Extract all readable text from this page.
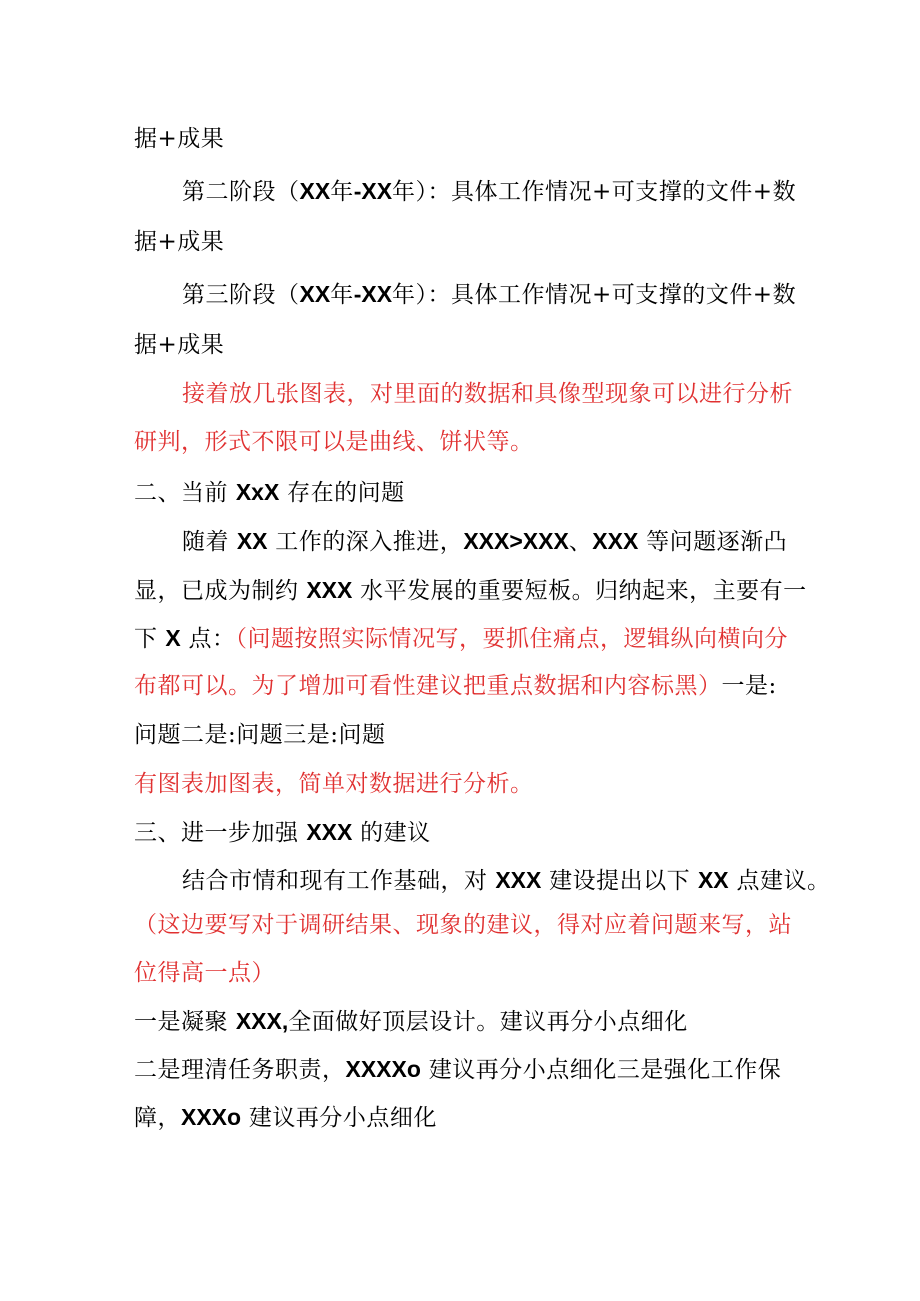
据+成果
第二阶段（XX年-XX年）：具体工作情况+可支撑的文件+数
据+成果
第三阶段（XX年-XX年）：具体工作情况+可支撑的文件+数
据+成果
接着放几张图表，对里面的数据和具像型现象可以进行分析
研判，形式不限可以是曲线、饼状等。
二、当前 XxX 存在的问题
随着 XX 工作的深入推进，XXX>XXX、XXX 等问题逐渐凸
显，已成为制约 XXX 水平发展的重要短板。归纳起来，主要有一
下 X 点：（问题按照实际情况写，要抓住痛点，逻辑纵向横向分
布都可以。为了增加可看性建议把重点数据和内容标黑）一是:
问题二是:问题三是:问题
有图表加图表，简单对数据进行分析。
三、进一步加强 XXX 的建议
结合市情和现有工作基础，对 XXX 建设提出以下 XX 点建议。
（这边要写对于调研结果、现象的建议，得对应着问题来写，站
位得高一点）
一是凝聚 XXX,全面做好顶层设计。建议再分小点细化
二是理清任务职责，XXXXo 建议再分小点细化三是强化工作保
障，XXXo 建议再分小点细化
